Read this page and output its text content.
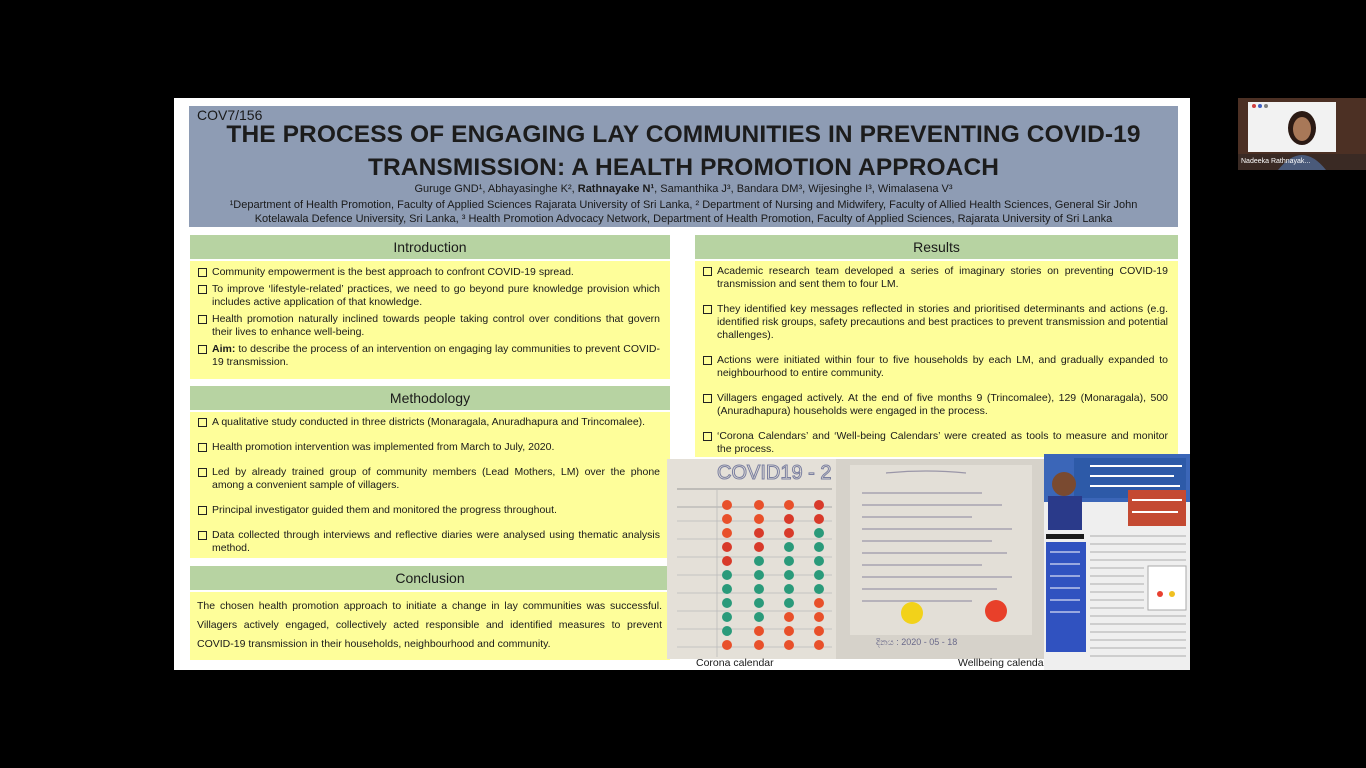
COV7/156
THE PROCESS OF ENGAGING LAY COMMUNITIES IN PREVENTING COVID-19
TRANSMISSION: A HEALTH PROMOTION APPROACH
Guruge GND¹, Abhayasinghe K², Rathnayake N¹, Samanthika J³, Bandara DM³, Wijesinghe I³, Wimalasena V³
¹Department of Health Promotion, Faculty of Applied Sciences Rajarata University of Sri Lanka, ² Department of Nursing and Midwifery, Faculty of Allied Health Sciences, General Sir John
Kotelawala Defence University, Sri Lanka, ³ Health Promotion Advocacy Network, Department of Health Promotion, Faculty of Applied Sciences, Rajarata University of Sri Lanka
Introduction
Community empowerment is the best approach to confront COVID-19 spread.
To improve ‘lifestyle-related’ practices, we need to go beyond pure knowledge provision which includes active application of that knowledge.
Health promotion naturally inclined towards people taking control over conditions that govern their lives to enhance well-being.
Aim: to describe the process of an intervention on engaging lay communities to prevent COVID-19 transmission.
Methodology
A qualitative study conducted in three districts (Monaragala, Anuradhapura and Trincomalee).
Health promotion intervention was implemented from March to July, 2020.
Led by already trained group of community members (Lead Mothers, LM) over the phone among a convenient sample of villagers.
Principal investigator guided them and monitored the progress throughout.
Data collected through interviews and reflective diaries were analysed using thematic analysis method.
Conclusion
The chosen health promotion approach to initiate a change in lay communities was successful. Villagers actively engaged, collectively acted responsible and identified measures to prevent COVID-19 transmission in their households, neighbourhood and community.
Results
Academic research team developed a series of imaginary stories on preventing COVID-19 transmission and sent them to four LM.
They identified key messages reflected in stories and prioritised determinants and actions (e.g. identified risk groups, safety precautions and best practices to prevent transmission and potential challenges).
Actions were initiated within four to five households by each LM, and gradually expanded to neighbourhood to entire community.
Villagers engaged actively. At the end of five months 9 (Trincomalee), 129 (Monaragala), 500 (Anuradhapura) households were engaged in the process.
‘Corona Calendars’ and ‘Well-being Calendars’ were created as tools to measure and monitor the process.
COVID19 - 2
Corona calendar
දිනය : 2020 - 05 - 18
Wellbeing calenda
Nadeeka Rathnayak...
